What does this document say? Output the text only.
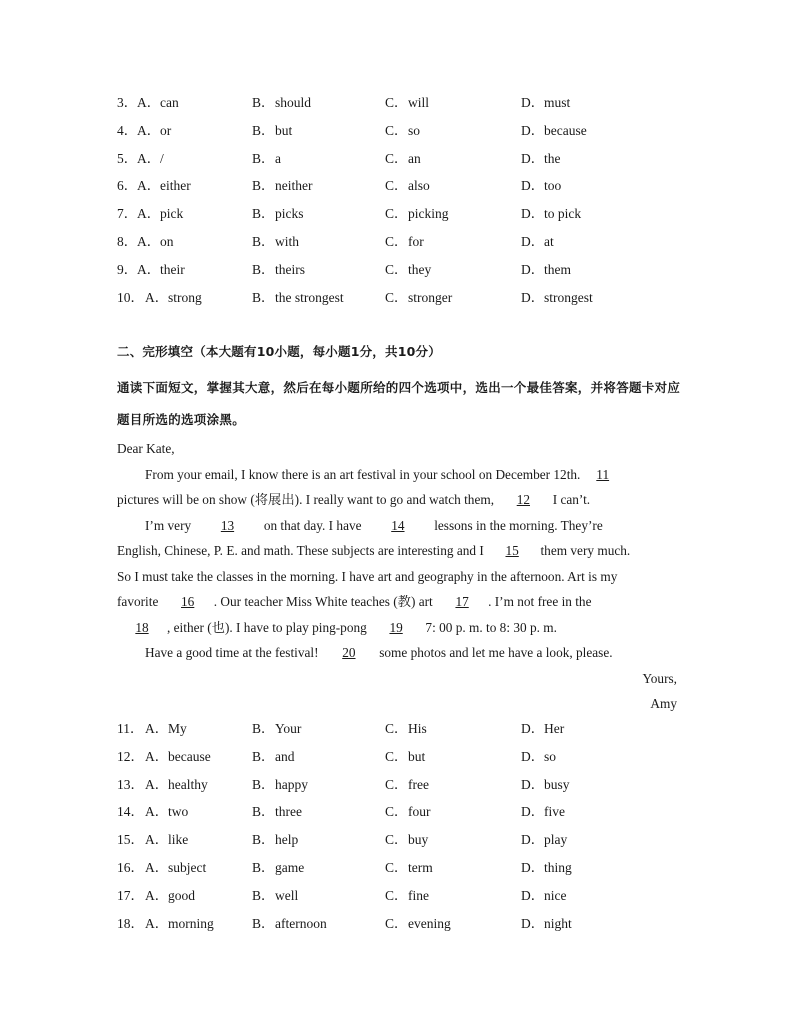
3． A．can	B．should	C．will	D．must
4． A．or	B．but	C．so	D．because
5． A．/	B．a	C．an	D．the
6． A．either	B．neither	C．also	D．too
7． A．pick	B．picks	C．picking	D．to pick
8． A．on	B．with	C．for	D．at
9． A．their	B．theirs	C．they	D．them
10． A．strong	B．the strongest	C．stronger	D．strongest
二、完形填空（本大题有10小题，每小题1分，共10分）
通读下面短文，掌握其大意，然后在每小题所给的四个选项中，选出一个最佳答案，并将答题卡对应题目所选的选项涂黑。
Dear Kate,
From your email, I know there is an art festival in your school on December 12th. 11
pictures will be on show (将展出). I really want to go and watch them, 12 I can’t.
I’m very 13 on that day. I have 14 lessons in the morning. They’re
English, Chinese, P. E. and math. These subjects are interesting and I 15 them very much.
So I must take the classes in the morning. I have art and geography in the afternoon. Art is my
favorite 16 . Our teacher Miss White teaches (教) art 17 . I’m not free in the
18 , either (也). I have to play ping-pong 19 7: 00 p. m. to 8: 30 p. m.
Have a good time at the festival! 20 some photos and let me have a look, please.
Yours,
Amy
11． A．My	B．Your	C．His	D．Her
12． A．because	B．and	C．but	D．so
13． A．healthy	B．happy	C．free	D．busy
14． A．two	B．three	C．four	D．five
15． A．like	B．help	C．buy	D．play
16． A．subject	B．game	C．term	D．thing
17． A．good	B．well	C．fine	D．nice
18． A．morning	B．afternoon	C．evening	D．night
